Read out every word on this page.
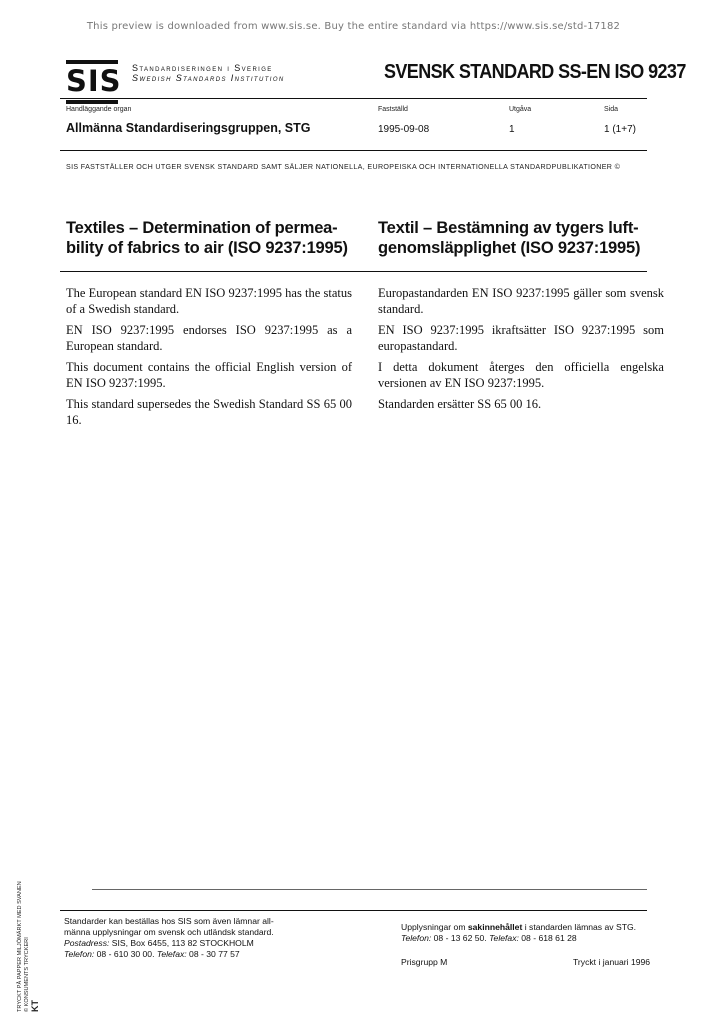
This preview is downloaded from www.sis.se. Buy the entire standard via https://www.sis.se/std-17182
SIS Standardiseringen i Sverige
Swedish Standards Institution	SVENSK STANDARD SS-EN ISO 9237
Handläggande organ	Fastställd	Utgåva	Sida
Allmänna Standardiseringsgruppen, STG	1995-09-08	1	1 (1+7)
SIS FASTSTÄLLER OCH UTGER SVENSK STANDARD SAMT SÄLJER NATIONELLA, EUROPEISKA OCH INTERNATIONELLA STANDARDPUBLIKATIONER ©
Textiles – Determination of permea-bility of fabrics to air (ISO 9237:1995)
Textil – Bestämning av tygers luft-genomsläpplighet (ISO 9237:1995)

The European standard EN ISO 9237:1995 has the status of a Swedish standard.

EN ISO 9237:1995 endorses ISO 9237:1995 as a European standard.

This document contains the official English version of EN ISO 9237:1995.

This standard supersedes the Swedish Standard SS 65 00 16.

Europastandarden EN ISO 9237:1995 gäller som svensk standard.

EN ISO 9237:1995 ikraftsätter ISO 9237:1995 som europastandard.

I detta dokument återges den officiella engelska versionen av EN ISO 9237:1995.

Standarden ersätter SS 65 00 16.

TRYCKT PÅ PAPPER MILJÖMÄRKT MED SVANEN © KONSUMENTS TRYCKERI KT
Standarder kan beställas hos SIS som även lämnar all-
männa upplysningar om svensk och utländsk standard.
Postadress: SIS, Box 6455, 113 82 STOCKHOLM
Telefon: 08 - 610 30 00. Telefax: 08 - 30 77 57
Upplysningar om sakinnehållet i standarden lämnas av STG.
Telefon: 08 - 13 62 50. Telefax: 08 - 618 61 28
Prisgrupp M	Tryckt i januari 1996
